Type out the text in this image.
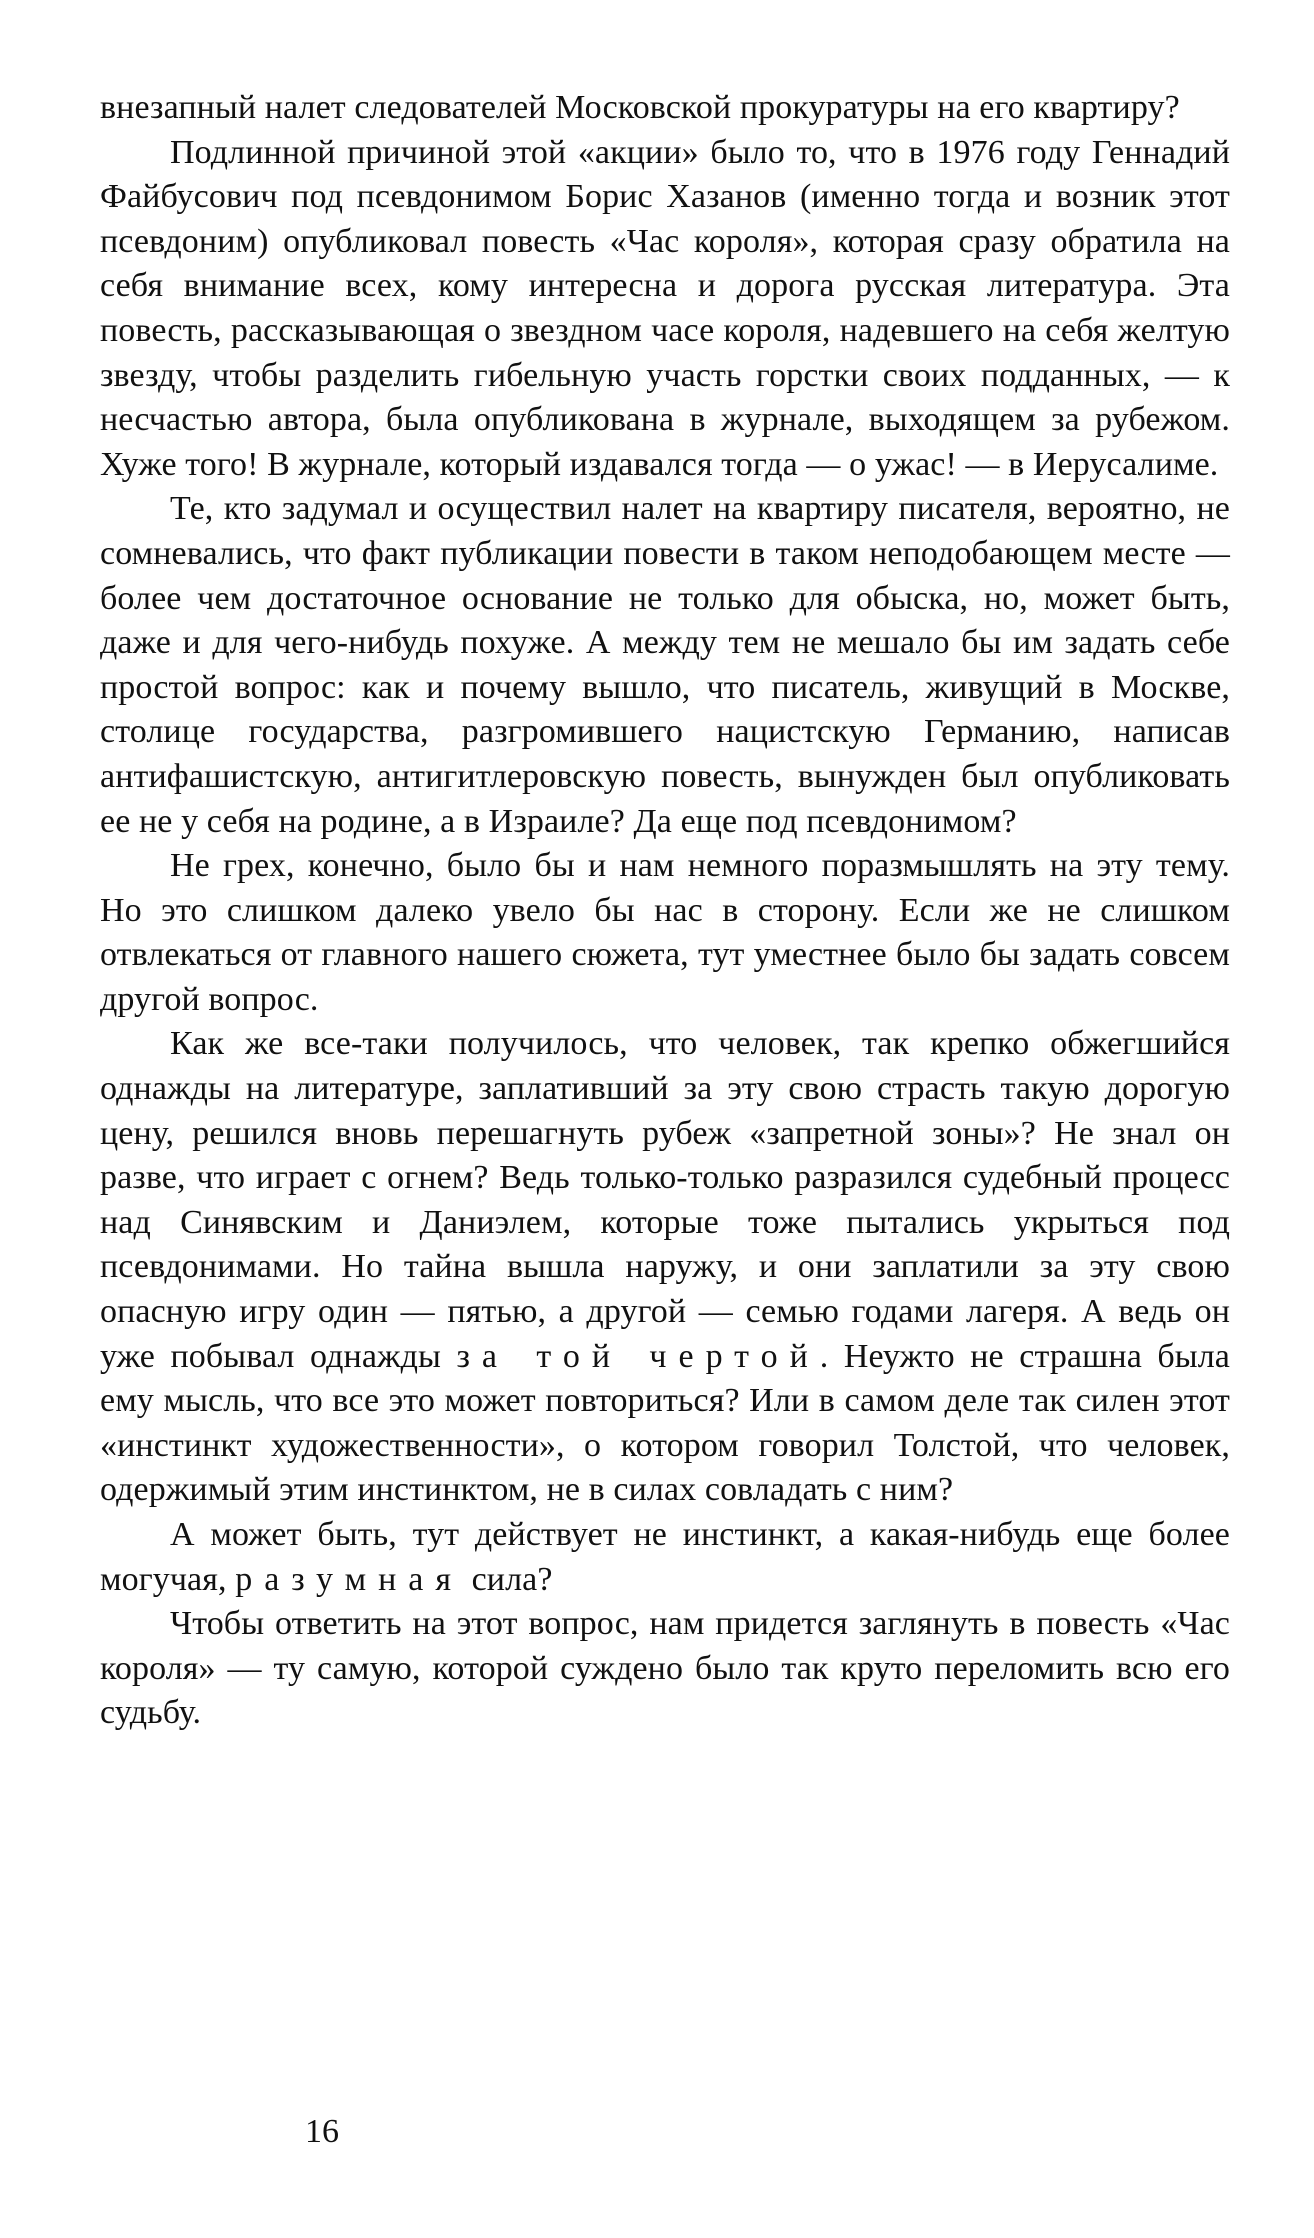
внезапный налет следователей Московской прокуратуры на его квартиру?

Подлинной причиной этой «акции» было то, что в 1976 году Геннадий Файбусович под псевдонимом Борис Хазанов (именно тогда и возник этот псевдоним) опубликовал повесть «Час короля», которая сразу обратила на себя внимание всех, кому интересна и дорога русская литература. Эта повесть, рассказывающая о звездном часе короля, надевшего на себя желтую звезду, чтобы разделить гибельную участь горстки своих подданных, — к несчастью автора, была опубликована в журнале, выходящем за рубежом. Хуже того! В журнале, который издавался тогда — о ужас! — в Иерусалиме.

Те, кто задумал и осуществил налет на квартиру писателя, вероятно, не сомневались, что факт публикации повести в таком неподобающем месте — более чем достаточное основание не только для обыска, но, может быть, даже и для чего-нибудь похуже. А между тем не мешало бы им задать себе простой вопрос: как и почему вышло, что писатель, живущий в Москве, столице государства, разгромившего нацистскую Германию, написав антифашистскую, антигитлеровскую повесть, вынужден был опубликовать ее не у себя на родине, а в Израиле? Да еще под псевдонимом?

Не грех, конечно, было бы и нам немного поразмышлять на эту тему. Но это слишком далеко увело бы нас в сторону. Если же не слишком отвлекаться от главного нашего сюжета, тут уместнее было бы задать совсем другой вопрос.

Как же все-таки получилось, что человек, так крепко обжегшийся однажды на литературе, заплативший за эту свою страсть такую дорогую цену, решился вновь перешагнуть рубеж «запретной зоны»? Не знал он разве, что играет с огнем? Ведь только-только разразился судебный процесс над Синявским и Даниэлем, которые тоже пытались укрыться под псевдонимами. Но тайна вышла наружу, и они заплатили за эту свою опасную игру один — пятью, а другой — семью годами лагеря. А ведь он уже побывал однажды за той чертой. Неужто не страшна была ему мысль, что все это может повториться? Или в самом деле так силен этот «инстинкт художественности», о котором говорил Толстой, что человек, одержимый этим инстинктом, не в силах совладать с ним?

А может быть, тут действует не инстинкт, а какая-нибудь еще более могучая, разумная сила?

Чтобы ответить на этот вопрос, нам придется заглянуть в повесть «Час короля» — ту самую, которой суждено было так круто переломить всю его судьбу.

16
